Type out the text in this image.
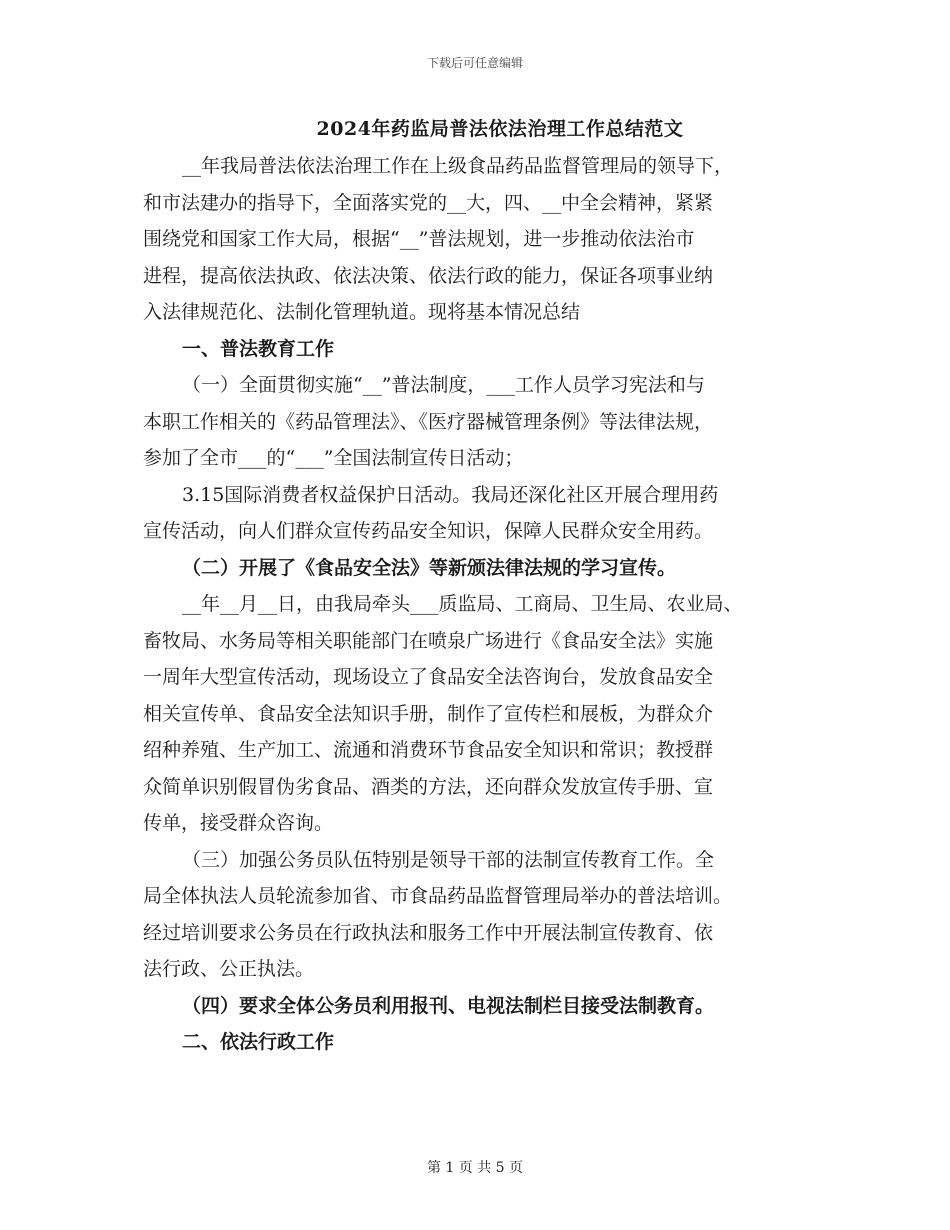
下载后可任意编辑
2024年药监局普法依法治理工作总结范文
__年我局普法依法治理工作在上级食品药品监督管理局的领导下，
和市法建办的指导下，全面落实党的__大，四、__中全会精神，紧紧
围绕党和国家工作大局，根据“__”普法规划，进一步推动依法治市
进程，提高依法执政、依法决策、依法行政的能力，保证各项事业纳
入法律规范化、法制化管理轨道。现将基本情况总结
一、普法教育工作
（一）全面贯彻实施“__”普法制度，___工作人员学习宪法和与
本职工作相关的《药品管理法》、《医疗器械管理条例》等法律法规，
参加了全市___的“___”全国法制宣传日活动；
3.15国际消费者权益保护日活动。我局还深化社区开展合理用药
宣传活动，向人们群众宣传药品安全知识，保障人民群众安全用药。
（二）开展了《食品安全法》等新颁法律法规的学习宣传。
__年__月__日，由我局牵头___质监局、工商局、卫生局、农业局、
畜牧局、水务局等相关职能部门在喷泉广场进行《食品安全法》实施
一周年大型宣传活动，现场设立了食品安全法咨询台，发放食品安全
相关宣传单、食品安全法知识手册，制作了宣传栏和展板，为群众介
绍种养殖、生产加工、流通和消费环节食品安全知识和常识；教授群
众简单识别假冒伪劣食品、酒类的方法，还向群众发放宣传手册、宣
传单，接受群众咨询。
（三）加强公务员队伍特别是领导干部的法制宣传教育工作。全
局全体执法人员轮流参加省、市食品药品监督管理局举办的普法培训。
经过培训要求公务员在行政执法和服务工作中开展法制宣传教育、依
法行政、公正执法。
（四）要求全体公务员利用报刊、电视法制栏目接受法制教育。
二、依法行政工作
第 1 页 共 5 页
